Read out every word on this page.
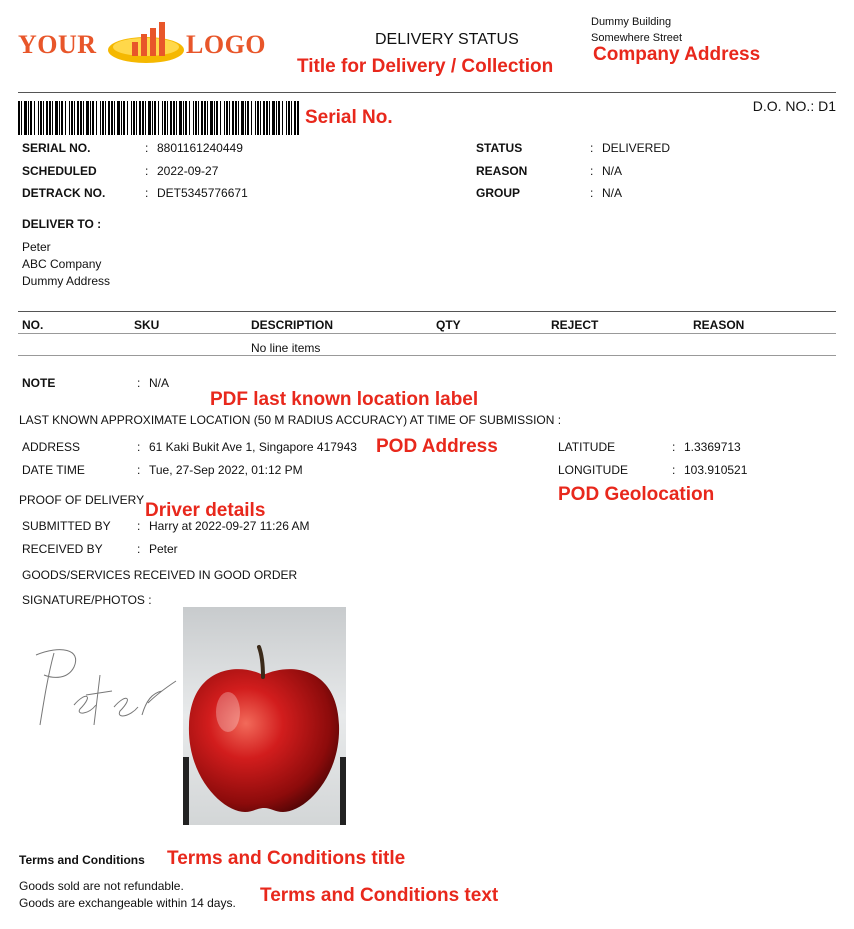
YOUR	LOGO	DELIVERY STATUS
Title for Delivery / Collection
Dummy Building
Somewhere Street
Company Address
Serial No.
D.O. NO.: D1
SERIAL NO.	: 8801161240449
SCHEDULED	: 2022-09-27
DETRACK NO.	: DET5345776671
STATUS	: DELIVERED
REASON	: N/A
GROUP	: N/A
DELIVER TO :
Peter
ABC Company
Dummy Address
NO.	SKU	DESCRIPTION	QTY	REJECT	REASON
No line items
NOTE	: N/A
PDF last known location label
LAST KNOWN APPROXIMATE LOCATION (50 M RADIUS ACCURACY) AT TIME OF SUBMISSION :
ADDRESS	: 61 Kaki Bukit Ave 1, Singapore 417943 POD Address
DATE TIME	: Tue, 27-Sep 2022, 01:12 PM
LATITUDE	: 1.3369713
LONGITUDE	: 103.910521
POD Geolocation
PROOF OF DELIVERY Driver details
SUBMITTED BY : Harry at 2022-09-27 11:26 AM
RECEIVED BY	: Peter
GOODS/SERVICES RECEIVED IN GOOD ORDER
SIGNATURE/PHOTOS :
Terms and Conditions Terms and Conditions title
Goods sold are not refundable.
Goods are exchangeable within 14 days. Terms and Conditions text
